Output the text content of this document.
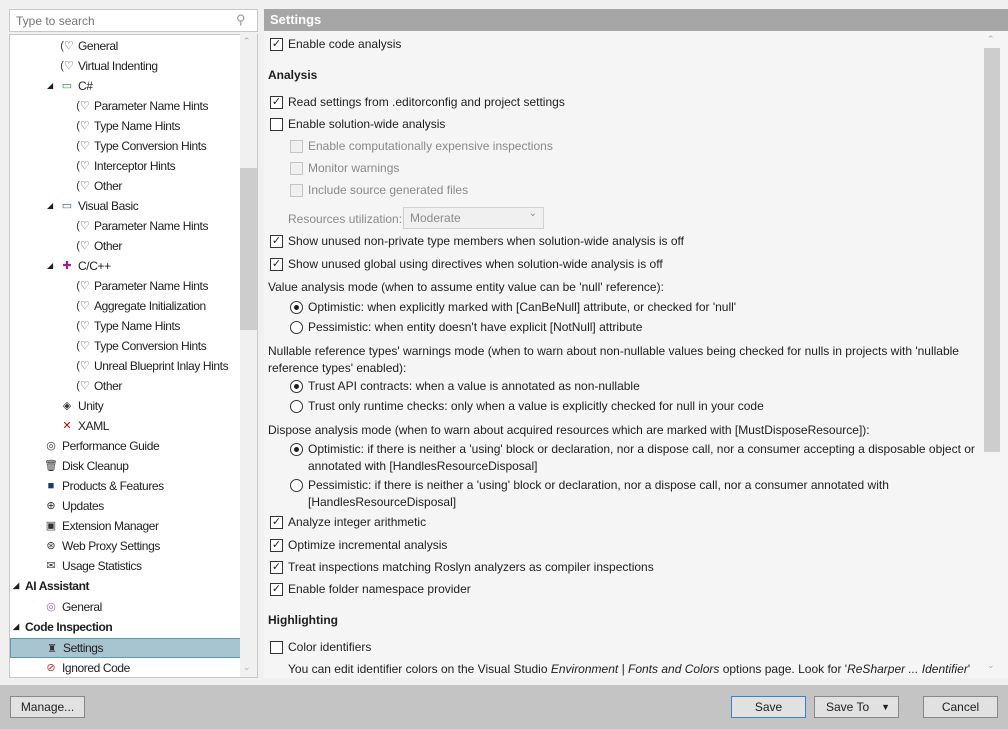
Type to search
⚲
(♡ General
(♡ Virtual Indenting
◢ ▭ C#
(♡ Parameter Name Hints
(♡ Type Name Hints
(♡ Type Conversion Hints
(♡ Interceptor Hints
(♡ Other
◢ ▭ Visual Basic
(♡ Parameter Name Hints
(♡ Other
◢ ✚ C/C++
(♡ Parameter Name Hints
(♡ Aggregate Initialization
(♡ Type Name Hints
(♡ Type Conversion Hints
(♡ Unreal Blueprint Inlay Hints
(♡ Other
◈ Unity
✕ XAML
◎ Performance Guide
🗑 Disk Cleanup
■ Products & Features
⊕ Updates
▣ Extension Manager
⊛ Web Proxy Settings
✉ Usage Statistics
◢ AI Assistant
◎ General
◢ Code Inspection
♜ Settings
⊘ Ignored Code
⌃
⌄
Settings
✓ Enable code analysis
Analysis
✓ Read settings from .editorconfig and project settings
Enable solution-wide analysis
Enable computationally expensive inspections
Monitor warnings
Include source generated files
Resources utilization: Moderate	⌄
✓ Show unused non-private type members when solution-wide analysis is off
✓ Show unused global using directives when solution-wide analysis is off
Value analysis mode (when to assume entity value can be 'null' reference):
Optimistic: when explicitly marked with [CanBeNull] attribute, or checked for 'null'
Pessimistic: when entity doesn't have explicit [NotNull] attribute
Nullable reference types' warnings mode (when to warn about non-nullable values being checked for nulls in projects with 'nullable reference types' enabled):
Trust API contracts: when a value is annotated as non-nullable
Trust only runtime checks: only when a value is explicitly checked for null in your code
Dispose analysis mode (when to warn about acquired resources which are marked with [MustDisposeResource]):
Optimistic: if there is neither a 'using' block or declaration, nor a dispose call, nor a consumer accepting a disposable object or annotated with [HandlesResourceDisposal]
Pessimistic: if there is neither a 'using' block or declaration, nor a dispose call, nor a consumer annotated with [HandlesResourceDisposal]
✓ Analyze integer arithmetic
✓ Optimize incremental analysis
✓ Treat inspections matching Roslyn analyzers as compiler inspections
✓ Enable folder namespace provider
Highlighting
Color identifiers
You can edit identifier colors on the Visual Studio Environment | Fonts and Colors options page. Look for 'ReSharper ... Identifier'
⌃
⌄
Manage...	Save	Save To ▼	Cancel
